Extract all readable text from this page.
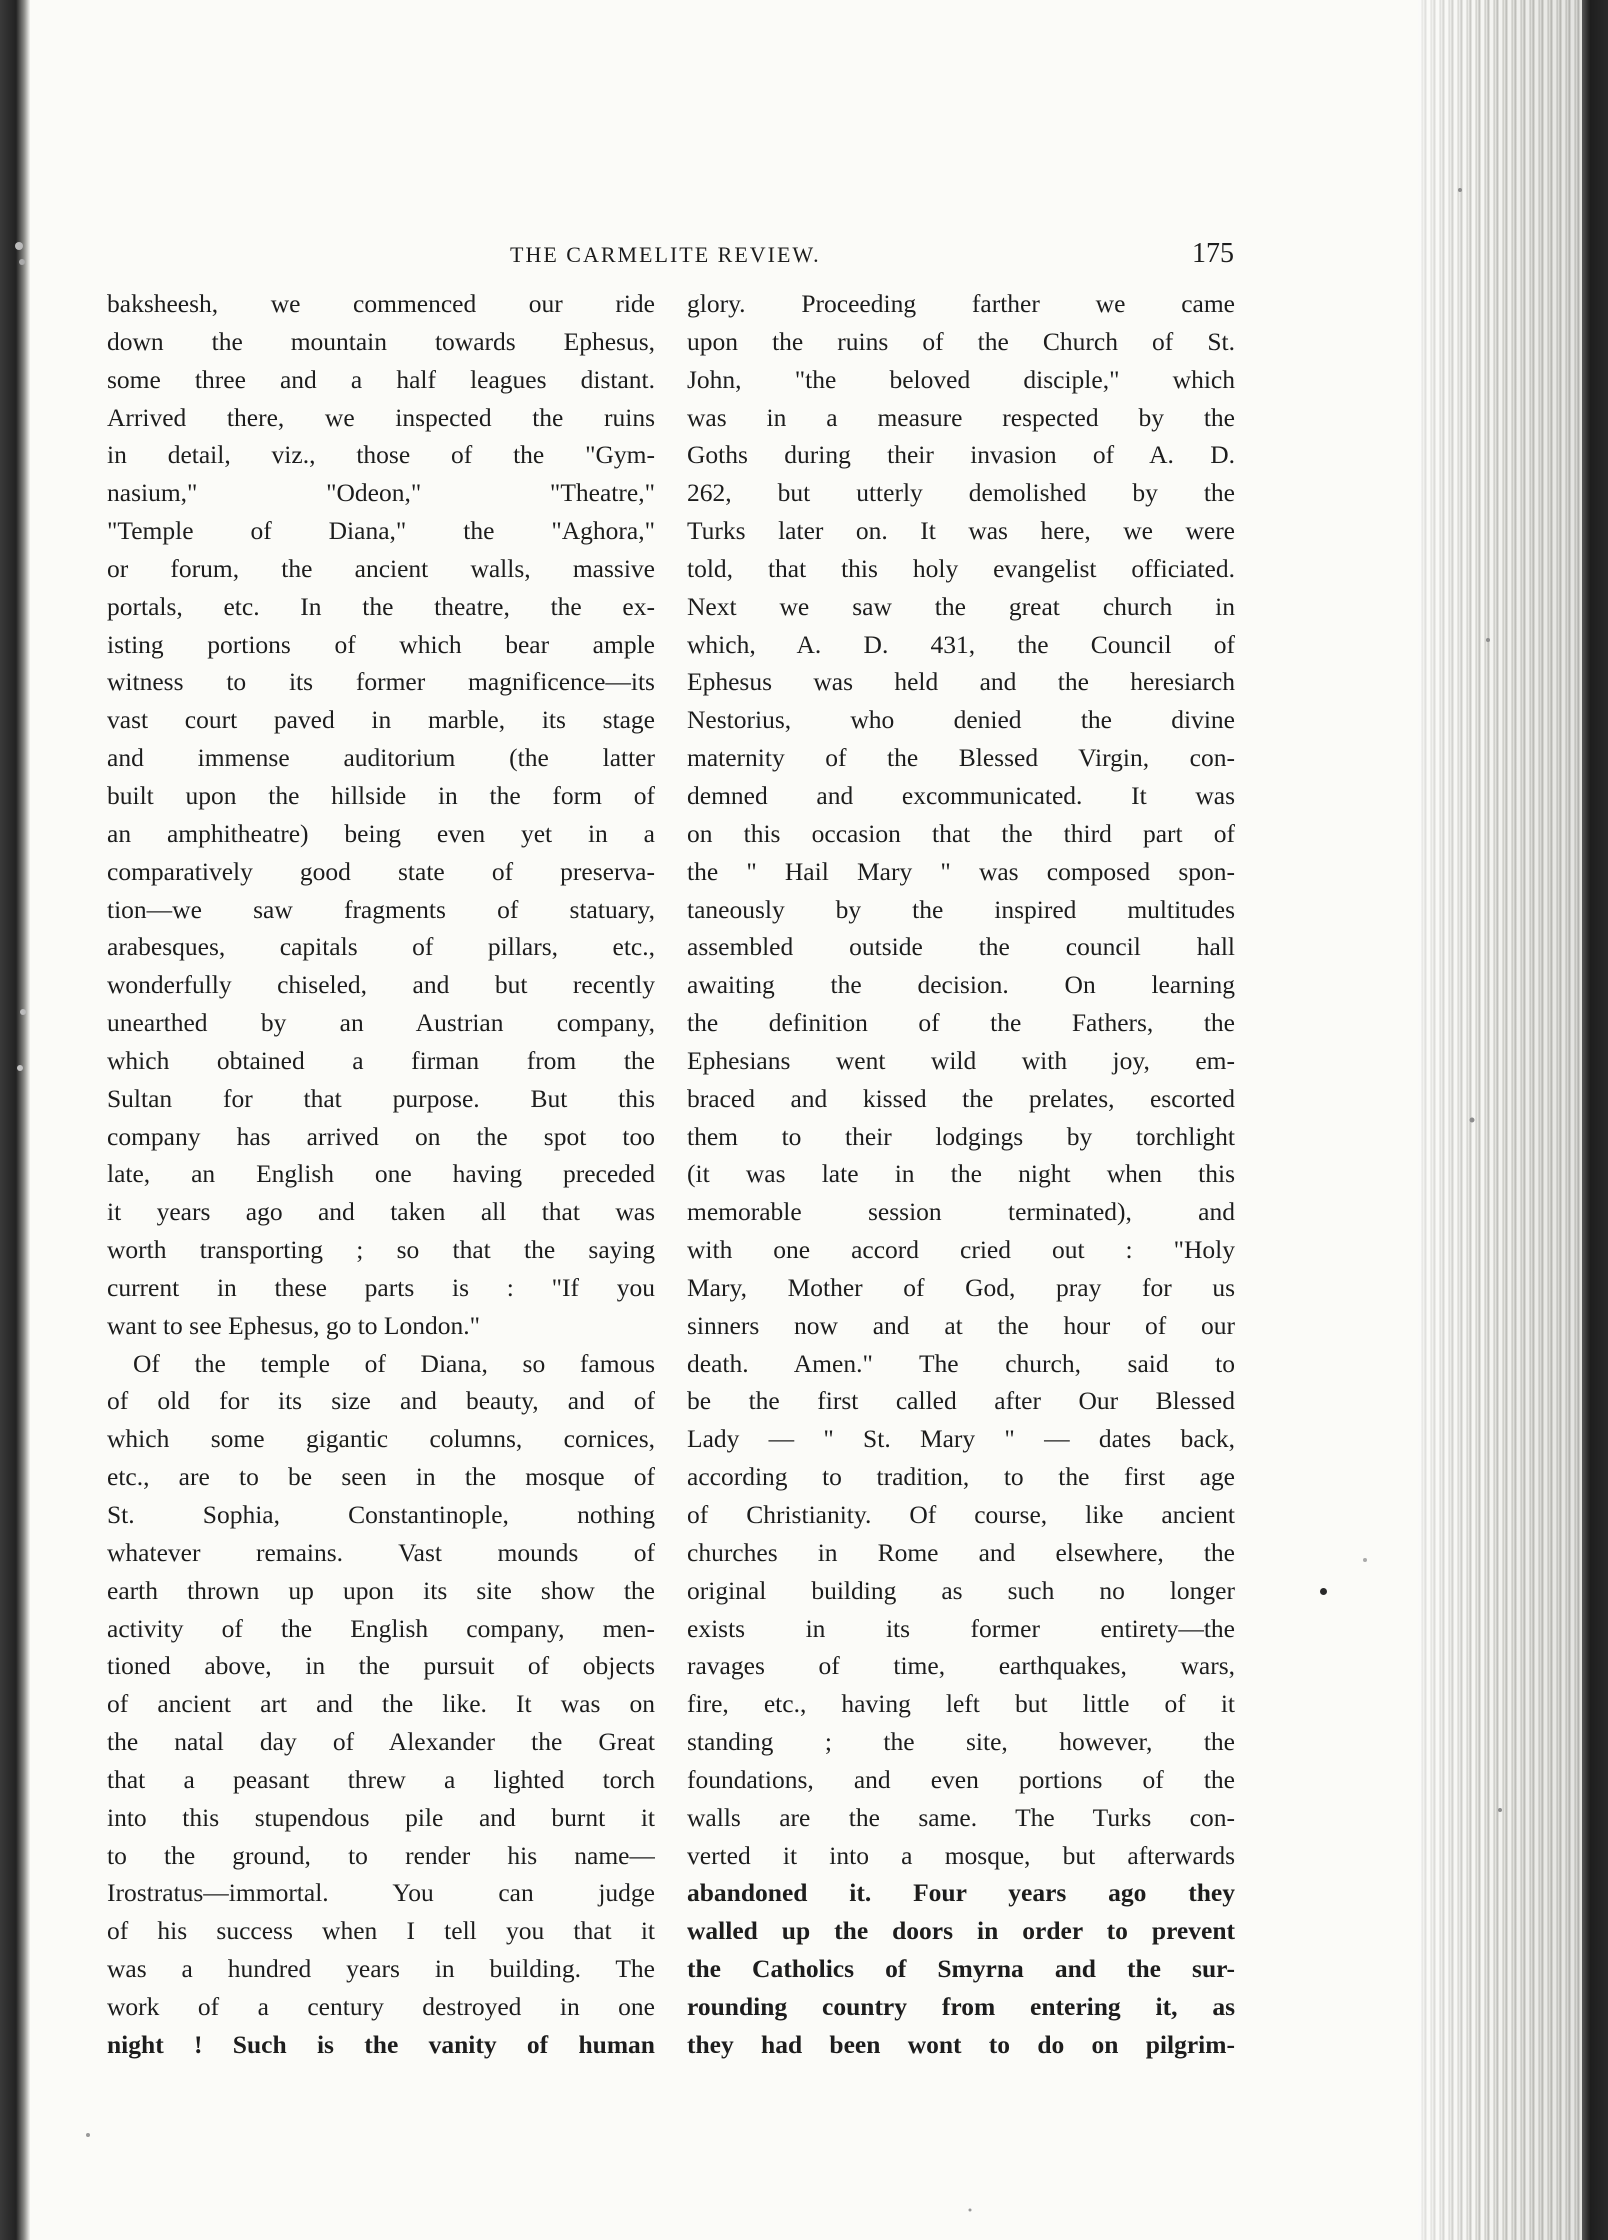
THE CARMELITE REVIEW.	175
baksheesh, we commenced our ride
down the mountain towards Ephesus,
some three and a half leagues distant.
Arrived there, we inspected the ruins
in detail, viz., those of the "Gym-
nasium," "Odeon," "Theatre,"
"Temple of Diana," the "Aghora,"
or forum, the ancient walls, massive
portals, etc. In the theatre, the ex-
isting portions of which bear ample
witness to its former magnificence—its
vast court paved in marble, its stage
and immense auditorium (the latter
built upon the hillside in the form of
an amphitheatre) being even yet in a
comparatively good state of preserva-
tion—we saw fragments of statuary,
arabesques, capitals of pillars, etc.,
wonderfully chiseled, and but recently
unearthed by an Austrian company,
which obtained a firman from the
Sultan for that purpose. But this
company has arrived on the spot too
late, an English one having preceded
it years ago and taken all that was
worth transporting ; so that the saying
current in these parts is : "If you
want to see Ephesus, go to London."
Of the temple of Diana, so famous
of old for its size and beauty, and of
which some gigantic columns, cornices,
etc., are to be seen in the mosque of
St. Sophia, Constantinople, nothing
whatever remains. Vast mounds of
earth thrown up upon its site show the
activity of the English company, men-
tioned above, in the pursuit of objects
of ancient art and the like. It was on
the natal day of Alexander the Great
that a peasant threw a lighted torch
into this stupendous pile and burnt it
to the ground, to render his name—
Irostratus—immortal. You can judge
of his success when I tell you that it
was a hundred years in building. The
work of a century destroyed in one
night ! Such is the vanity of human
glory. Proceeding farther we came
upon the ruins of the Church of St.
John, "the beloved disciple," which
was in a measure respected by the
Goths during their invasion of A. D.
262, but utterly demolished by the
Turks later on. It was here, we were
told, that this holy evangelist officiated.
Next we saw the great church in
which, A. D. 431, the Council of
Ephesus was held and the heresiarch
Nestorius, who denied the divine
maternity of the Blessed Virgin, con-
demned and excommunicated. It was
on this occasion that the third part of
the " Hail Mary " was composed spon-
taneously by the inspired multitudes
assembled outside the council hall
awaiting the decision. On learning
the definition of the Fathers, the
Ephesians went wild with joy, em-
braced and kissed the prelates, escorted
them to their lodgings by torchlight
(it was late in the night when this
memorable session terminated), and
with one accord cried out : "Holy
Mary, Mother of God, pray for us
sinners now and at the hour of our
death. Amen." The church, said to
be the first called after Our Blessed
Lady — " St. Mary " — dates back,
according to tradition, to the first age
of Christianity. Of course, like ancient
churches in Rome and elsewhere, the
original building as such no longer
exists in its former entirety—the
ravages of time, earthquakes, wars,
fire, etc., having left but little of it
standing ; the site, however, the
foundations, and even portions of the
walls are the same. The Turks con-
verted it into a mosque, but afterwards
abandoned it. Four years ago they
walled up the doors in order to prevent
the Catholics of Smyrna and the sur-
rounding country from entering it, as
they had been wont to do on pilgrim-
